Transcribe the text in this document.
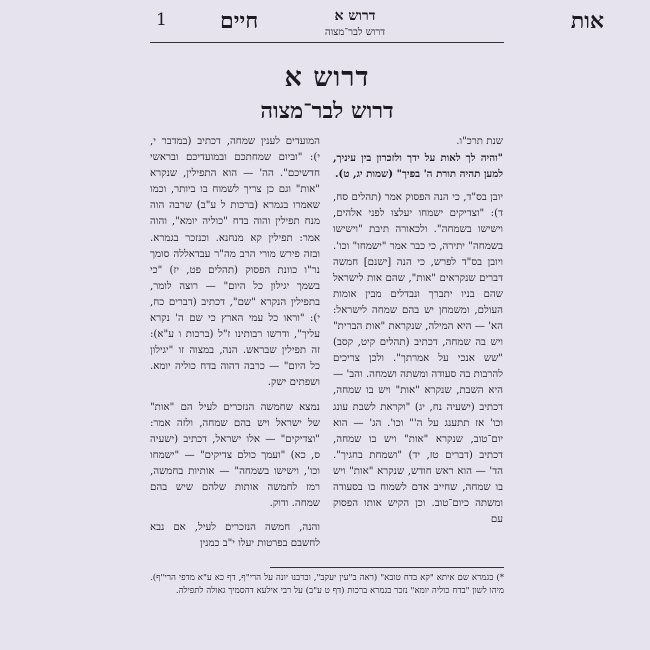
אות
דרוש א
דרוש לבר־מצוה
חיים
1
דרוש א
דרוש לבר־מצוה

שנת תרכ"ו.

"והיה לך לאות על ידך ולזכרון בין עיניך, למען תהיה תורת ה' בפיך" (שמות יג, ט).

יובן בס"ד, כי הנה הפסוק אמר (תהלים סח, ד): "וצדיקים ישמחו יעלצו לפני אלהים, וישישו בשמחה". ולכאורה תיבת "וישישו בשמחה" יתירה, כי כבר אמר "ישמחו" וכו'. ויובן בס"ד לפרש, כי הנה [ישנם] חמשה דברים שנקראים "אות", שהם אות לישראל שהם בניו יתברך ונבדלים מבין אומות העולם, ומשמחן יש בהם שמחה לישראל: הא' — היא המילה, שנקראת "אות הברית" ויש בה שמחה, דכתיב (תהלים קיט, קסב) "שש אנכי על אמרתך". ולכן צריכים להרבות בה סעודה ומשתה ושמחה. והב' — היא השבת, שנקרא "אות" ויש בו שמחה, דכתיב (ישעיה נח, יג) "וקראת לשבת עונג וכו' אז תתענג על ה'" וכו'. הג' — הוא יום־טוב, שנקרא "אות" ויש בו שמחה, דכתיב (דברים טז, יד) "ושמחת בחגיך". הד' — הוא ראש חודש, שנקרא "אות" ויש בו שמחה, שחייב אדם לשמוח בו בסעודה ומשתה כיום־טוב. וכן הקיש אותו הפסוק עם

המועדים לענין שמחה, דכתיב (במדבר י, י): "וביום שמחתכם ובמועדיכם ובראשי חדשיכם". הה' — הוא התפילין, שנקרא "אות" וגם כן צריך לשמוח בו ביותר, וכמו שאמרו בגמרא (ברכות ל ע"ב) שרבה הוה מנח תפילין והוה בדח "כוליה יומא", והוה אמר: תפילין קא מנחנא. וכנזכר בגמרא. ובזה פירש מורי הרב מה"ר עבדאללה סומך נר"ו כוונת הפסוק (תהלים פט, יז) "כי בשמך יגילון כל היום" — רוצה לומר, בתפילין הנקרא "שם", דכתיב (דברים כח, י): "וראו כל עמי הארץ כי שם ה' נקרא עליך", ודרשו רבותינו ז"ל (ברכות ו ע"א): זה תפילין שבראש. הנה, במצוה זו "יגילון כל היום" — כרבה דהוה בדח כוליה יומא. ושפתים ישק.

נמצא שחמשה הנזכרים לעיל הם "אות" של ישראל ויש בהם שמחה, ולזה אמר: "וצדיקים" — אלו ישראל, דכתיב (ישעיה ס, כא) "ועמך כולם צדיקים" — "ישמחו וכו', וישישו בשמחה" — אותיות בחמשה, רמז לחמשה אותות שלהם שיש בהם שמחה. ודוק.

והנה, חמשה הנזכרים לעיל, אם נבא לחשבם בפרטות יעלו י"ב כמנין

*) בגמרא שם איתא "קא בדח טובא" (ראה ב"עין יעקב", וברבנו יונה על הרי"ף, דף כא ע"א מדפי הרי"ף). מיהו לשון "בדח כוליה יומא" נזכר בגמרא ברכות (דף ט ע"ב) על רבי אילעא דהסמיך גאולה לתפילה.
